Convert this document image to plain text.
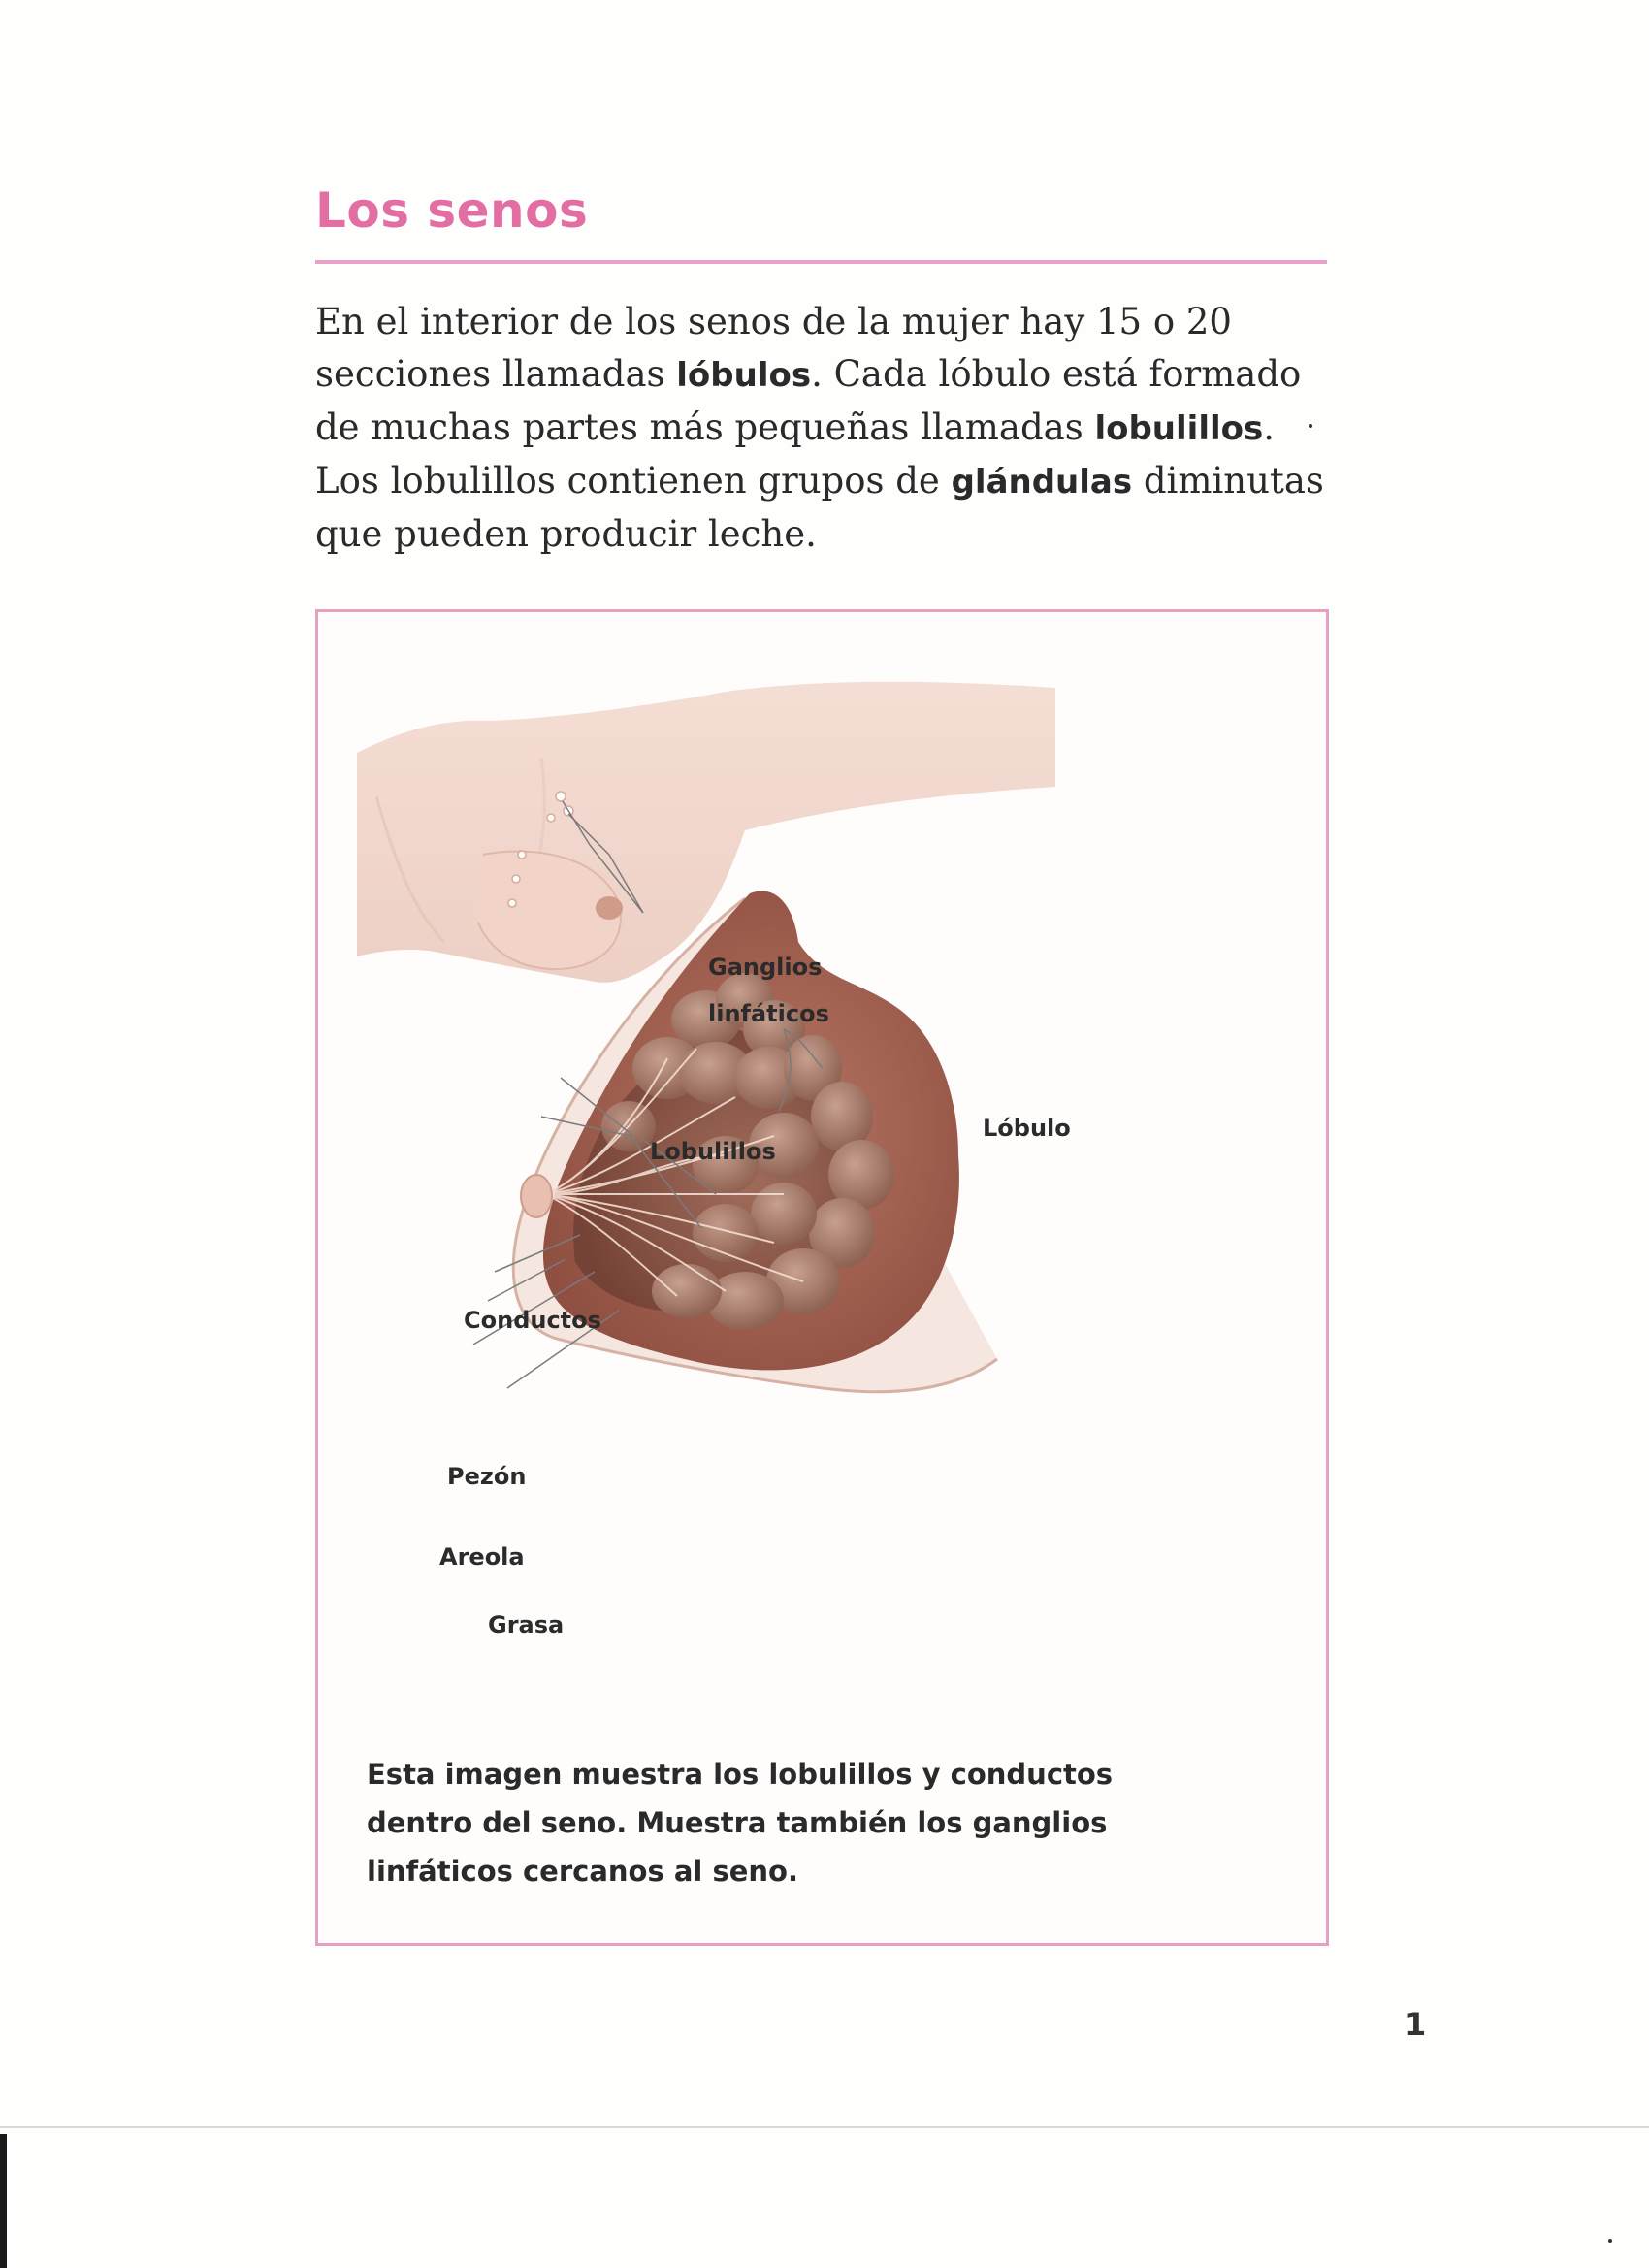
Los senos

En el interior de los senos de la mujer hay 15 o 20 secciones llamadas lóbulos. Cada lóbulo está formado de muchas partes más pequeñas llamadas lobulillos. Los lobulillos contienen grupos de glándulas diminutas que pueden producir leche.

Ganglios
linfáticos
Lóbulo
Lobulillos
Conductos
Pezón
Areola
Grasa

Esta imagen muestra los lobulillos y conductos dentro del seno. Muestra también los ganglios linfáticos cercanos al seno.

1
